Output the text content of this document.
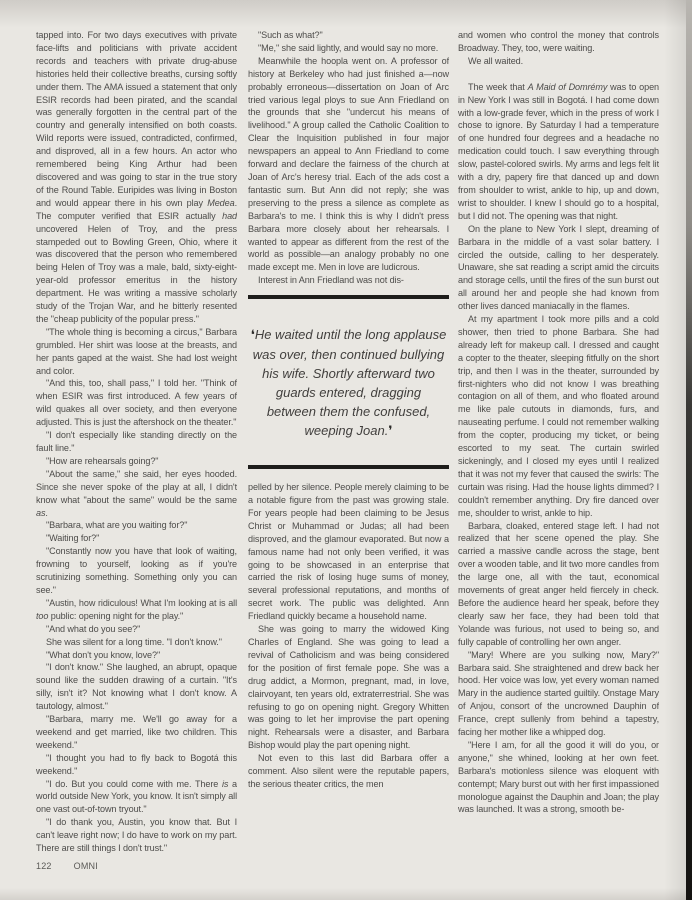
tapped into. For two days executives with private face-lifts and politicians with private accident records and teachers with private drug-abuse histories held their collective breaths, cursing softly under them. The AMA issued a statement that only ESIR records had been pirated, and the scandal was generally forgotten in the central part of the country and generally intensified on both coasts. Wild reports were issued, contradicted, confirmed, and disproved, all in a few hours. An actor who remembered being King Arthur had been discovered and was going to star in the true story of the Round Table. Euripides was living in Boston and would appear there in his own play Medea. The computer verified that ESIR actually had uncovered Helen of Troy, and the press stampeded out to Bowling Green, Ohio, where it was discovered that the person who remembered being Helen of Troy was a male, bald, sixty-eight-year-old professor emeritus in the history department. He was writing a massive scholarly study of the Trojan War, and he bitterly resented the "cheap publicity of the popular press."

"The whole thing is becoming a circus," Barbara grumbled. Her shirt was loose at the breasts, and her pants gaped at the waist. She had lost weight and color.

"And this, too, shall pass," I told her. "Think of when ESIR was first introduced. A few years of wild quakes all over society, and then everyone adjusted. This is just the aftershock on the theater."

"I don't especially like standing directly on the fault line."

"How are rehearsals going?"

"About the same," she said, her eyes hooded. Since she never spoke of the play at all, I didn't know what "about the same" would be the same as.

"Barbara, what are you waiting for?"

"Waiting for?"

"Constantly now you have that look of waiting, frowning to yourself, looking as if you're scrutinizing something. Something only you can see."

"Austin, how ridiculous! What I'm looking at is all too public: opening night for the play."

"And what do you see?"

She was silent for a long time. "I don't know."

"What don't you know, love?"

"I don't know." She laughed, an abrupt, opaque sound like the sudden drawing of a curtain. "It's silly, isn't it? Not knowing what I don't know. A tautology, almost."

"Barbara, marry me. We'll go away for a weekend and get married, like two children. This weekend."

"I thought you had to fly back to Bogotá this weekend."

"I do. But you could come with me. There is a world outside New York, you know. It isn't simply all one vast out-of-town tryout."

"I do thank you, Austin, you know that. But I can't leave right now; I do have to work on my part. There are still things I don't trust."

"Such as what?"

"Me," she said lightly, and would say no more.

Meanwhile the hoopla went on. A professor of history at Berkeley who had just finished a—now probably erroneous—dissertation on Joan of Arc tried various legal ploys to sue Ann Friedland on the grounds that she "undercut his means of livelihood." A group called the Catholic Coalition to Clear the Inquisition published in four major newspapers an appeal to Ann Friedland to come forward and declare the fairness of the church at Joan of Arc's heresy trial. Each of the ads cost a fantastic sum. But Ann did not reply; she was preserving to the press a silence as complete as Barbara's to me. I think this is why I didn't press Barbara more closely about her rehearsals. I wanted to appear as different from the rest of the world as possible—an analogy probably no one made except me. Men in love are ludicrous.

Interest in Ann Friedland was not dis-

❛He waited until the long applause was over, then continued bullying his wife. Shortly afterward two guards entered, dragging between them the confused, weeping Joan.❜

pelled by her silence. People merely claiming to be a notable figure from the past was growing stale. For years people had been claiming to be Jesus Christ or Muhammad or Judas; all had been disproved, and the glamour evaporated. But now a famous name had not only been verified, it was going to be showcased in an enterprise that carried the risk of losing huge sums of money, several professional reputations, and months of secret work. The public was delighted. Ann Friedland quickly became a household name.

She was going to marry the widowed King Charles of England. She was going to lead a revival of Catholicism and was being considered for the position of first female pope. She was a drug addict, a Mormon, pregnant, mad, in love, clairvoyant, ten years old, extraterrestrial. She was refusing to go on opening night. Gregory Whitten was going to let her improvise the part opening night. Rehearsals were a disaster, and Barbara Bishop would play the part opening night.

Not even to this last did Barbara offer a comment. Also silent were the reputable papers, the serious theater critics, the men

and women who control the money that controls Broadway. They, too, were waiting.

We all waited.

The week that A Maid of Domrémy was to open in New York I was still in Bogotá. I had come down with a low-grade fever, which in the press of work I chose to ignore. By Saturday I had a temperature of one hundred four degrees and a headache no medication could touch. I saw everything through slow, pastel-colored swirls. My arms and legs felt lit with a dry, papery fire that danced up and down from shoulder to wrist, ankle to hip, up and down, wrist to shoulder. I knew I should go to a hospital, but I did not. The opening was that night.

On the plane to New York I slept, dreaming of Barbara in the middle of a vast solar battery. I circled the outside, calling to her desperately. Unaware, she sat reading a script amid the circuits and storage cells, until the fires of the sun burst out all around her and people she had known from other lives danced maniacally in the flames.

At my apartment I took more pills and a cold shower, then tried to phone Barbara. She had already left for makeup call. I dressed and caught a copter to the theater, sleeping fitfully on the short trip, and then I was in the theater, surrounded by first-nighters who did not know I was breathing contagion on all of them, and who floated around me like pale cutouts in diamonds, furs, and nauseating perfume. I could not remember walking from the copter, producing my ticket, or being escorted to my seat. The curtain swirled sickeningly, and I closed my eyes until I realized that it was not my fever that caused the swirls: The curtain was rising. Had the house lights dimmed? I couldn't remember anything. Dry fire danced over me, shoulder to wrist, ankle to hip.

Barbara, cloaked, entered stage left. I had not realized that her scene opened the play. She carried a massive candle across the stage, bent over a wooden table, and lit two more candles from the large one, all with the taut, economical movements of great anger held fiercely in check. Before the audience heard her speak, before they clearly saw her face, they had been told that Yolande was furious, not used to being so, and fully capable of controlling her own anger.

"Mary! Where are you sulking now, Mary?" Barbara said. She straightened and drew back her hood. Her voice was low, yet every woman named Mary in the audience started guiltily. Onstage Mary of Anjou, consort of the uncrowned Dauphin of France, crept sullenly from behind a tapestry, facing her mother like a whipped dog.

"Here I am, for all the good it will do you, or anyone," she whined, looking at her own feet. Barbara's motionless silence was eloquent with contempt; Mary burst out with her first impassioned monologue against the Dauphin and Joan; the play was launched. It was a strong, smooth be-

122 OMNI
